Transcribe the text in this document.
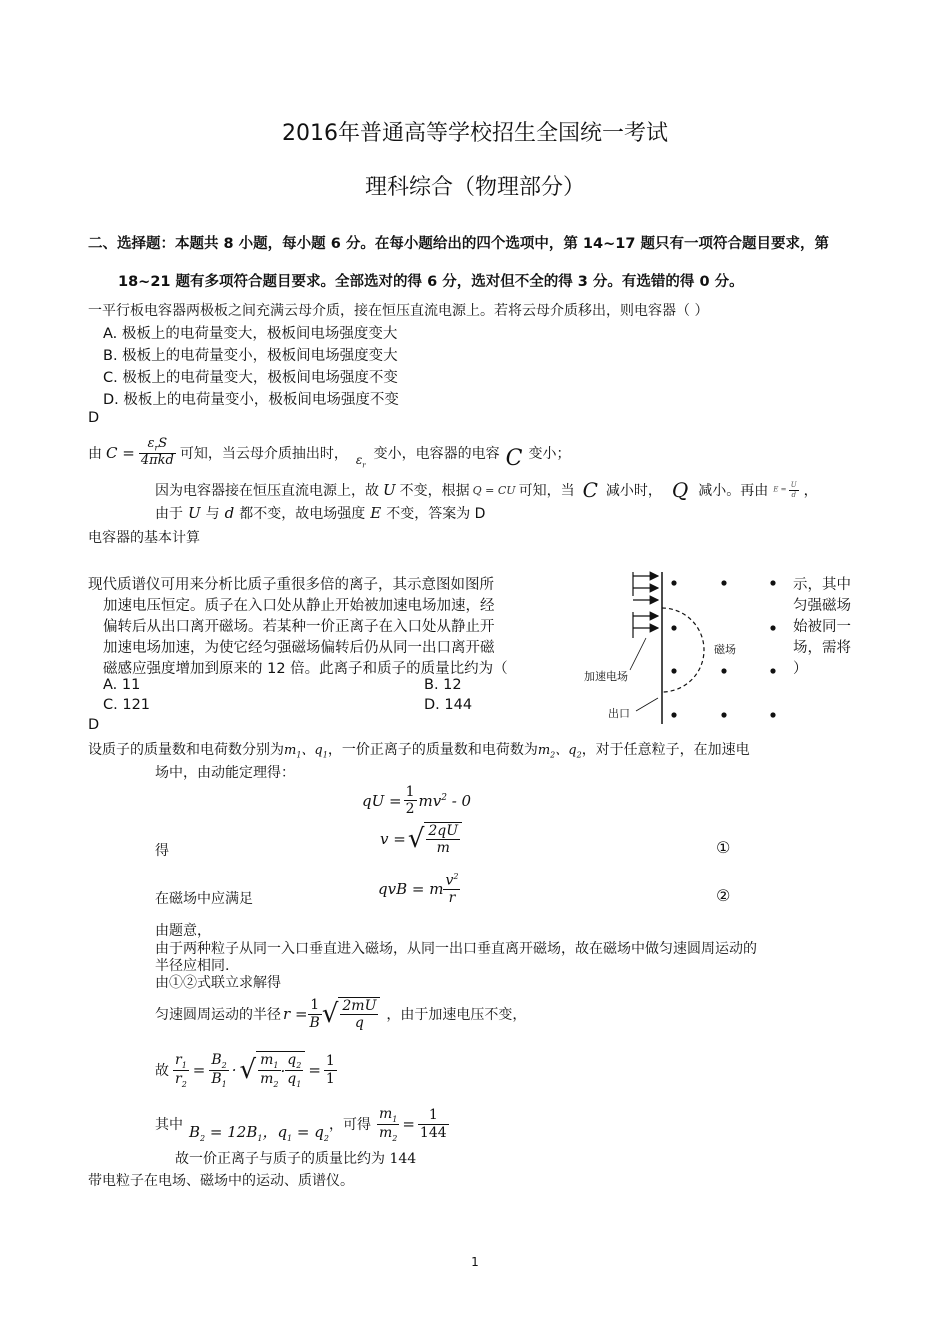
2016年普通高等学校招生全国统一考试
理科综合（物理部分）
二、选择题：本题共 8 小题，每小题 6 分。在每小题给出的四个选项中，第 14~17 题只有一项符合题目要求，第
18~21 题有多项符合题目要求。全部选对的得 6 分，选对但不全的得 3 分。有选错的得 0 分。
一平行板电容器两极板之间充满云母介质，接在恒压直流电源上。若将云母介质移出，则电容器（ ）
A. 极板上的电荷量变大，极板间电场强度变大
B. 极板上的电荷量变小，极板间电场强度变大
C. 极板上的电荷量变大，极板间电场强度不变
D. 极板上的电荷量变小，极板间电场强度不变
D
由 $C = \frac{\varepsilon_rS}{\text{4πkd}}$ 可知，当云母介质抽出时， $\varepsilon_r$
变小，电容器的电容 C 变小；
因为电容器接在恒压直流电源上，故 U 不变，根据 Q = CU 可知，当 C 减小时， Q 减小。再由 $E = \frac{U}{d}$ ，
由于 U 与 d 都不变，故电场强度 E 不变，答案为 D
电容器的基本计算
现代质谱仪可用来分析比质子重很多倍的离子，其示意图如图所
加速电压恒定。质子在入口处从静止开始被加速电场加速，经
偏转后从出口离开磁场。若某种一价正离子在入口处从静止开
加速电场加速，为使它经匀强磁场偏转后仍从同一出口离开磁
磁感应强度增加到原来的 12 倍。此离子和质子的质量比约为（
示，其中
匀强磁场
始被同一
场，需将
）
A. 11	B. 12
C. 121	D. 144
D
磁场
加速电场
出口
设质子的质量数和电荷数分别为 $m_1$、$q_1$ ，一价正离子的质量数和电荷数为 $m_2$、$q_2$ ，对于任意粒子，在加速电
场中，由动能定理得：
qU = $\frac{1}{2} mv^2 - 0$
得
v = √ $\frac{2qU}{m}$	①
在磁场中应满足
qvB = m $\frac{v^2}{r}$	②
由题意，
由于两种粒子从同一入口垂直进入磁场，从同一出口垂直离开磁场，故在磁场中做匀速圆周运动的
半径应相同.
由①②式联立求解得
匀速圆周运动的半径 $r = \frac{1}{B}$ √ $\frac{2mU}{q}$ ，由于加速电压不变，
故 $\frac{r_1}{r_2} = \frac{B_2}{B_1}$ · √ $\frac{m_1}{m_2} \cdot \frac{q_2}{q_1} = \frac{1}{1}$
其中 $B_2 = 12B_1$，$q_1 = q_2$
，可得 $\frac{m_1}{m_2} = \frac{1}{144}$
故一价正离子与质子的质量比约为 144
带电粒子在电场、磁场中的运动、质谱仪。
1
